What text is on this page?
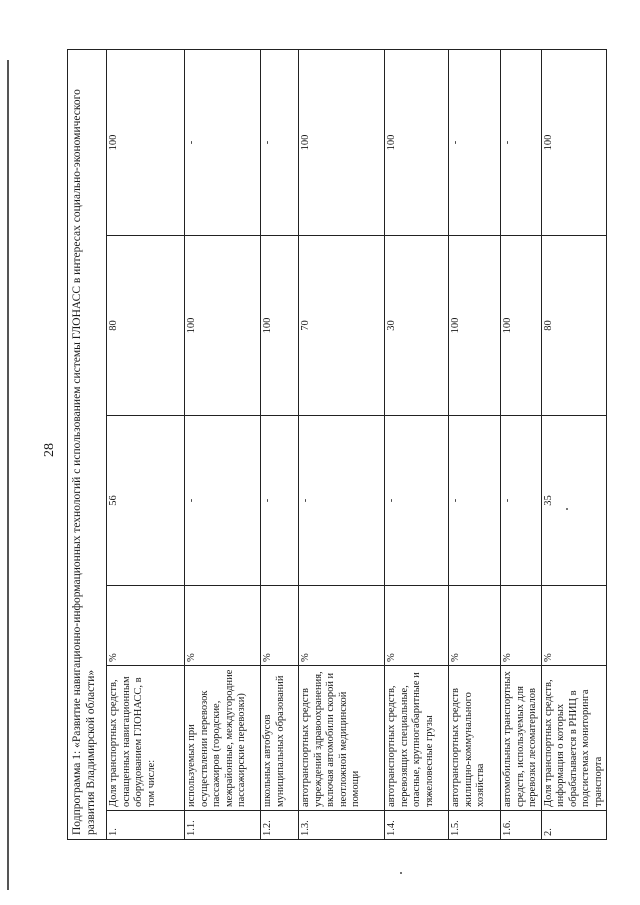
28 Подпрограмма 1: «Развитие навигационно-информационных технологий с использованием системы ГЛОНАСС в интересах социально-экономического развития Владимирской области»					
1.	Доля транспортных средств, оснащенных навигационным оборудованием ГЛОНАСС, в том числе:	%	56	80	100
1.1.	используемых при осуществлении перевозок пассажиров (городские, межрайонные, междугородние пассажирские перевозки)	%	-	100	-
1.2.	школьных автобусов муниципальных образований	%	-	100	-
1.3.	автотранспортных средств учреждений здравоохранения, включая автомобили скорой и неотложной медицинской помощи	%	-	70	100
1.4.	автотранспортных средств, перевозящих специальные, опасные, крупногабаритные и тяжеловесные грузы	%	-	30	100
1.5.	автотранспортных средств жилищно-коммунального хозяйства	%	-	100	-
1.6.	автомобильных транспортных средств, используемых для перевозки лесоматериалов	%	-	100	-
2.	Доля транспортных средств, информация о которых обрабатывается в РНИЦ в подсистемах мониторинга транспорта	%	35	80	100
